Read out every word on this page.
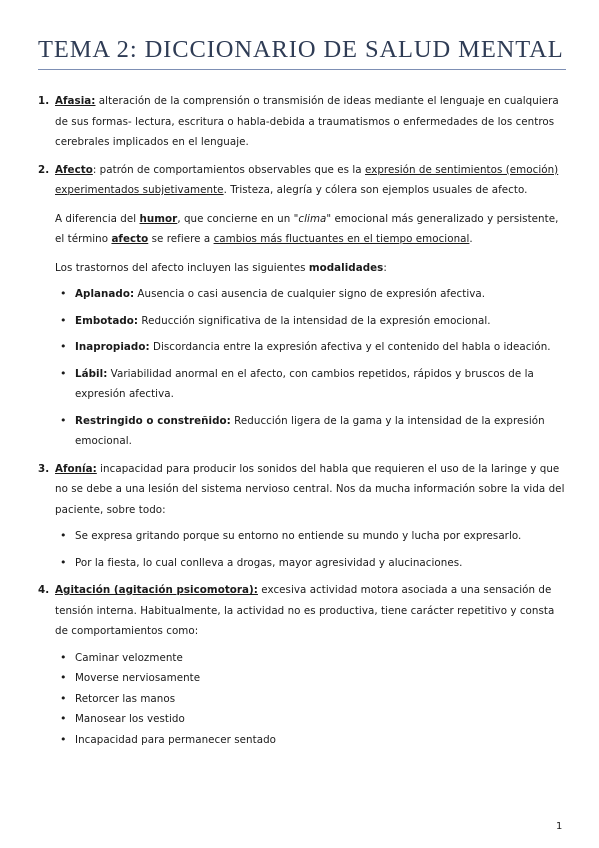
TEMA 2: DICCIONARIO DE SALUD MENTAL
1. Afasia: alteración de la comprensión o transmisión de ideas mediante el lenguaje en cualquiera de sus formas- lectura, escritura o habla-debida a traumatismos o enfermedades de los centros cerebrales implicados en el lenguaje.

2. Afecto: patrón de comportamientos observables que es la expresión de sentimientos (emoción) experimentados subjetivamente. Tristeza, alegría y cólera son ejemplos usuales de afecto.

A diferencia del humor, que concierne en un "clima" emocional más generalizado y persistente, el término afecto se refiere a cambios más fluctuantes en el tiempo emocional.

Los trastornos del afecto incluyen las siguientes modalidades:

• Aplanado: Ausencia o casi ausencia de cualquier signo de expresión afectiva.
• Embotado: Reducción significativa de la intensidad de la expresión emocional.
• Inapropiado: Discordancia entre la expresión afectiva y el contenido del habla o ideación.
• Lábil: Variabilidad anormal en el afecto, con cambios repetidos, rápidos y bruscos de la expresión afectiva.
• Restringido o constreñido: Reducción ligera de la gama y la intensidad de la expresión emocional.
3. Afonía: incapacidad para producir los sonidos del habla que requieren el uso de la laringe y que no se debe a una lesión del sistema nervioso central. Nos da mucha información sobre la vida del paciente, sobre todo:

• Se expresa gritando porque su entorno no entiende su mundo y lucha por expresarlo.
• Por la fiesta, lo cual conlleva a drogas, mayor agresividad y alucinaciones.
4. Agitación (agitación psicomotora): excesiva actividad motora asociada a una sensación de tensión interna. Habitualmente, la actividad no es productiva, tiene carácter repetitivo y consta de comportamientos como:

• Caminar velozmente
• Moverse nerviosamente
• Retorcer las manos
• Manosear los vestido
• Incapacidad para permanecer sentado
1
